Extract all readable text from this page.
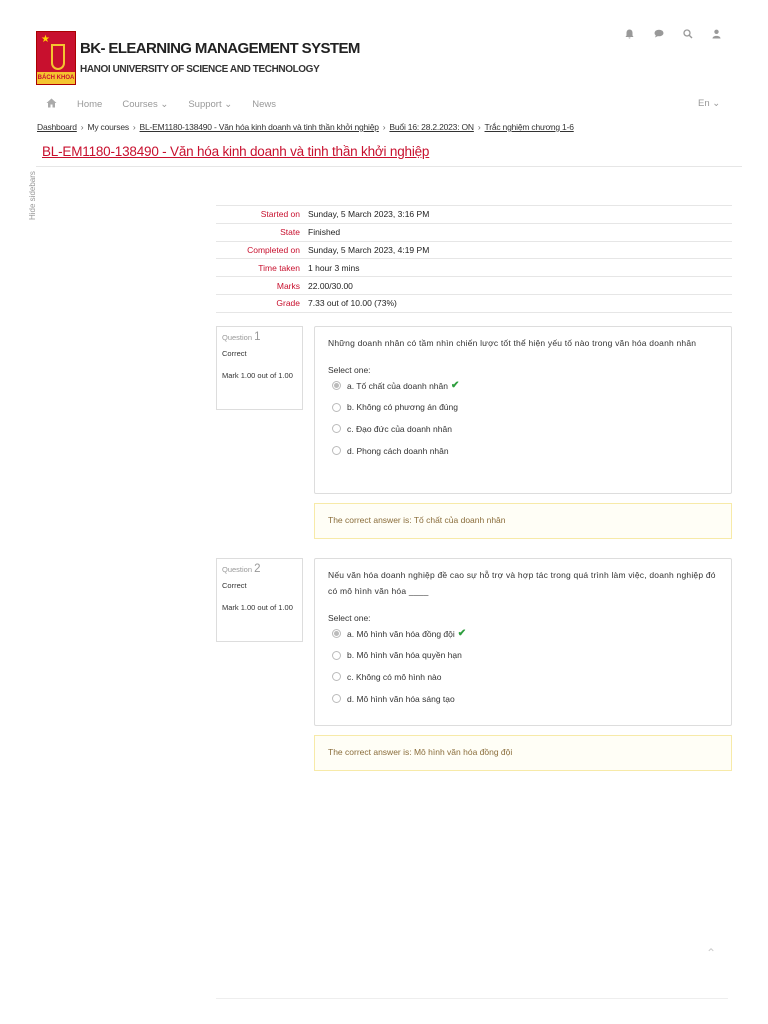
★
BÁCH KHOA
BK- ELEARNING MANAGEMENT SYSTEM
HANOI UNIVERSITY OF SCIENCE AND TECHNOLOGY
Home Courses ⌄ Support ⌄ News	En ⌄
Dashboard › My courses › BL-EM1180-138490 - Văn hóa kinh doanh và tinh thần khởi nghiệp › Buổi 16: 28.2.2023: ON › Trắc nghiệm chương 1-6
BL-EM1180-138490 - Văn hóa kinh doanh và tinh thần khởi nghiệp
Hide sidebars	Started on Sunday, 5 March 2023, 3:16 PM
State Finished
Completed on Sunday, 5 March 2023, 4:19 PM
Time taken 1 hour 3 mins
Marks 22.00/30.00
Grade 7.33 out of 10.00 (73%)
Question 1
Correct
Mark 1.00 out of 1.00
Những doanh nhân có tầm nhìn chiến lược tốt thể hiện yếu tố nào trong văn hóa doanh nhân
Select one:
a. Tố chất của doanh nhân ✔
b. Không có phương án đúng
c. Đạo đức của doanh nhân
d. Phong cách doanh nhân
The correct answer is: Tố chất của doanh nhân
Question 2
Correct
Mark 1.00 out of 1.00
Nếu văn hóa doanh nghiệp đề cao sự hỗ trợ và hợp tác trong quá trình làm việc, doanh nghiệp đó có mô hình văn hóa ____
Select one:
a. Mô hình văn hóa đồng đội ✔
b. Mô hình văn hóa quyền hạn
c. Không có mô hình nào
d. Mô hình văn hóa sáng tạo
The correct answer is: Mô hình văn hóa đồng đội
⌃
